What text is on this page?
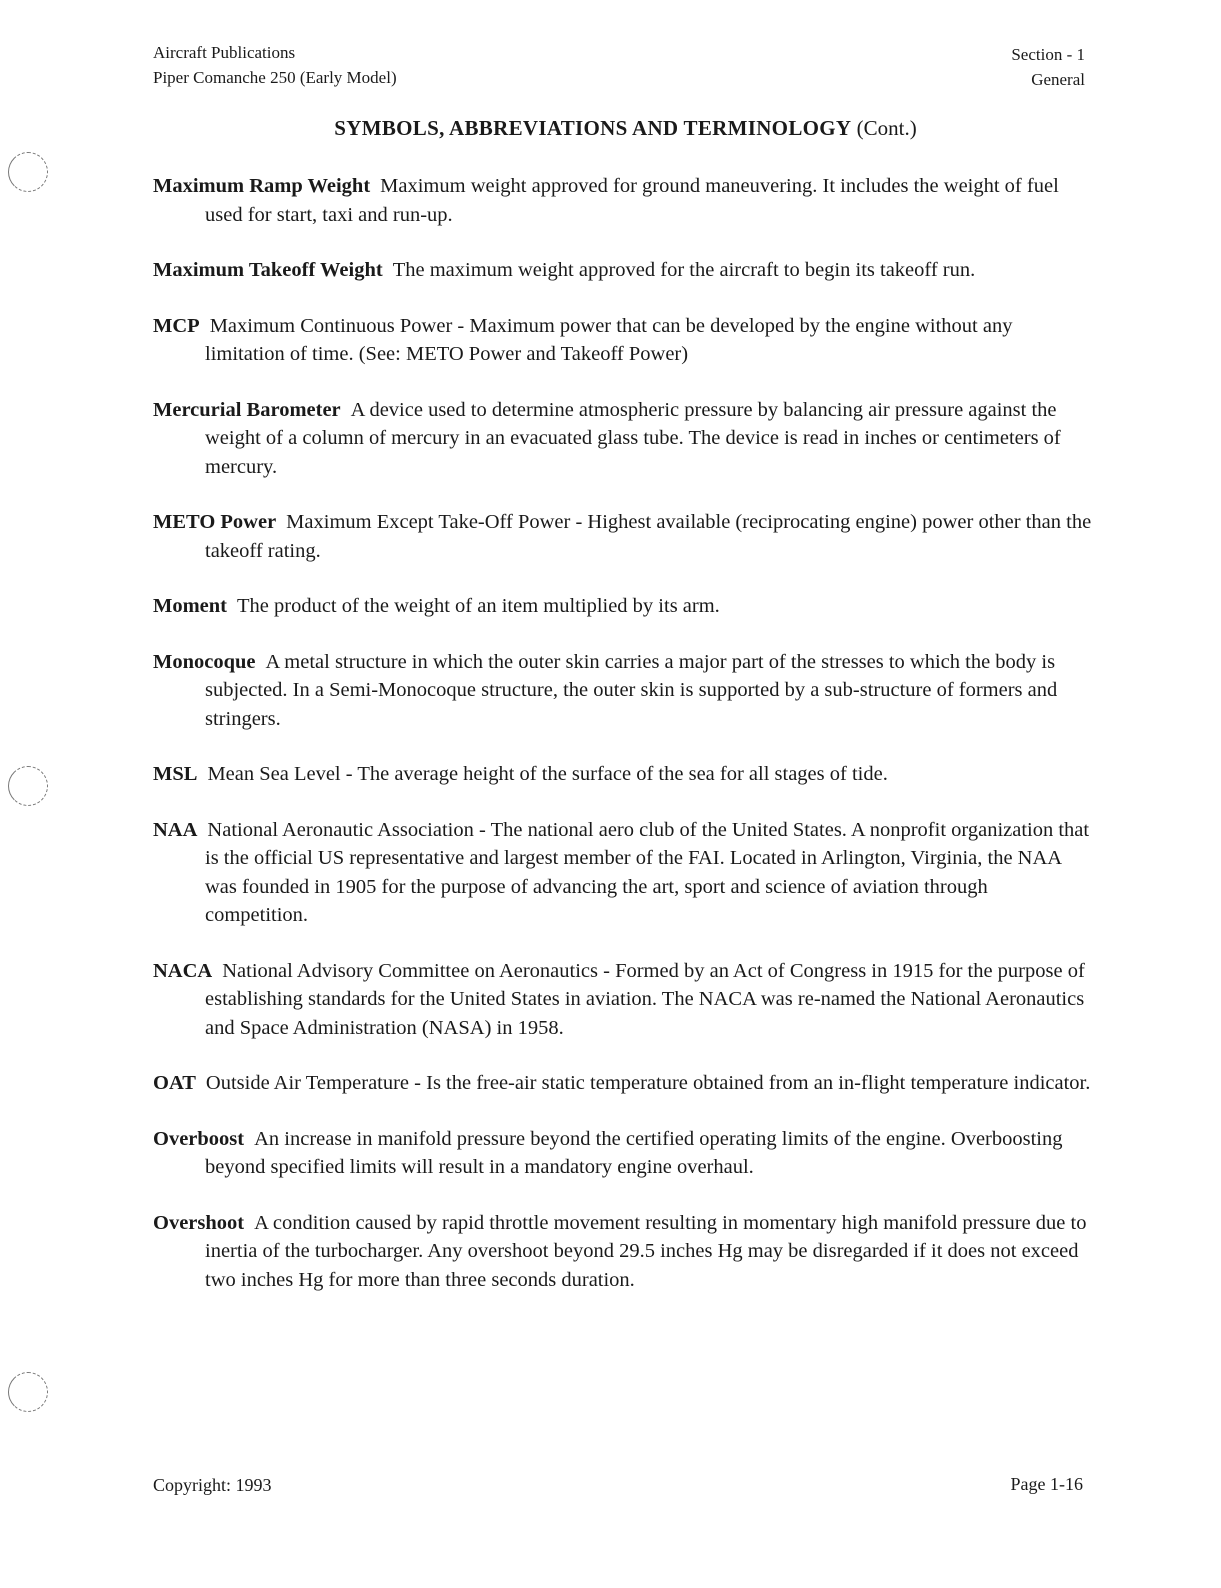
Aircraft Publications
Piper Comanche 250 (Early Model)
Section - 1
General
SYMBOLS, ABBREVIATIONS AND TERMINOLOGY (Cont.)
Maximum Ramp Weight Maximum weight approved for ground maneuvering. It includes the weight of fuel used for start, taxi and run-up.
Maximum Takeoff Weight The maximum weight approved for the aircraft to begin its takeoff run.
MCP Maximum Continuous Power - Maximum power that can be developed by the engine without any limitation of time. (See: METO Power and Takeoff Power)
Mercurial Barometer A device used to determine atmospheric pressure by balancing air pressure against the weight of a column of mercury in an evacuated glass tube. The device is read in inches or centimeters of mercury.
METO Power Maximum Except Take-Off Power - Highest available (reciprocating engine) power other than the takeoff rating.
Moment The product of the weight of an item multiplied by its arm.
Monocoque A metal structure in which the outer skin carries a major part of the stresses to which the body is subjected. In a Semi-Monocoque structure, the outer skin is supported by a sub-structure of formers and stringers.
MSL Mean Sea Level - The average height of the surface of the sea for all stages of tide.
NAA National Aeronautic Association - The national aero club of the United States. A nonprofit organization that is the official US representative and largest member of the FAI. Located in Arlington, Virginia, the NAA was founded in 1905 for the purpose of advancing the art, sport and science of aviation through competition.
NACA National Advisory Committee on Aeronautics - Formed by an Act of Congress in 1915 for the purpose of establishing standards for the United States in aviation. The NACA was re-named the National Aeronautics and Space Administration (NASA) in 1958.
OAT Outside Air Temperature - Is the free-air static temperature obtained from an in-flight temperature indicator.
Overboost An increase in manifold pressure beyond the certified operating limits of the engine. Overboosting beyond specified limits will result in a mandatory engine overhaul.
Overshoot A condition caused by rapid throttle movement resulting in momentary high manifold pressure due to inertia of the turbocharger. Any overshoot beyond 29.5 inches Hg may be disregarded if it does not exceed two inches Hg for more than three seconds duration.
Copyright: 1993	Page 1-16
